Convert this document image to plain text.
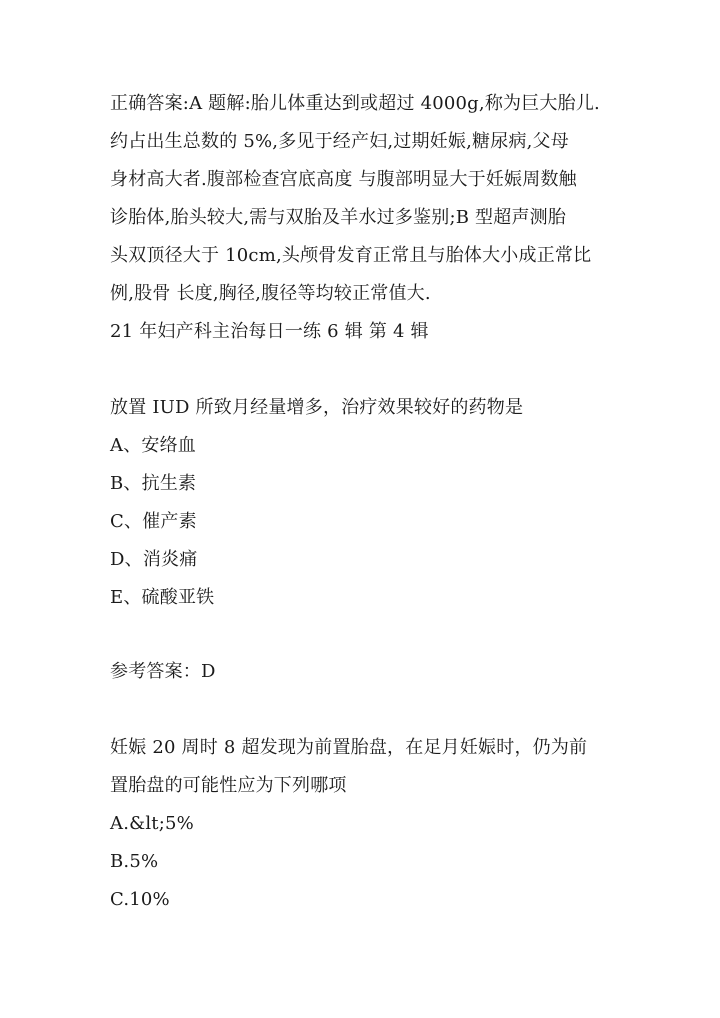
正确答案:A 题解:胎儿体重达到或超过 4000g,称为巨大胎儿.
约占出生总数的 5%,多见于经产妇,过期妊娠,糖尿病,父母
身材高大者.腹部检查宫底高度 与腹部明显大于妊娠周数触
诊胎体,胎头较大,需与双胎及羊水过多鉴别;B 型超声测胎
头双顶径大于 10cm,头颅骨发育正常且与胎体大小成正常比
例,股骨 长度,胸径,腹径等均较正常值大.
21 年妇产科主治每日一练 6 辑 第 4 辑
放置 IUD 所致月经量增多，治疗效果较好的药物是
A、安络血
B、抗生素
C、催产素
D、消炎痛
E、硫酸亚铁
参考答案：D
妊娠 20 周时 8 超发现为前置胎盘，在足月妊娠时，仍为前
置胎盘的可能性应为下列哪项
A.&lt;5%
B.5%
C.10%
